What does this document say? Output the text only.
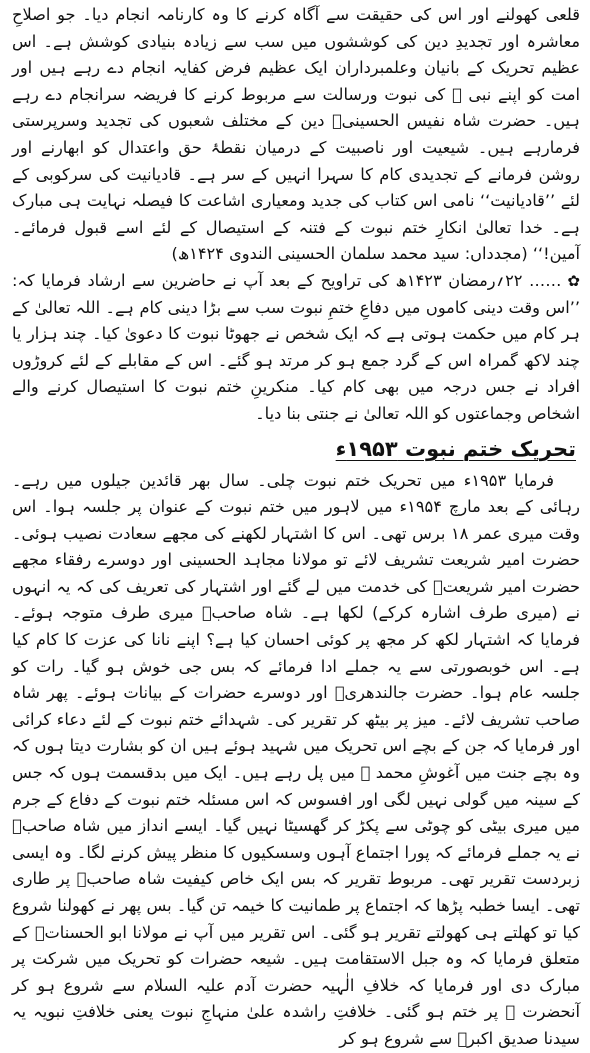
قلعی کھولنے اور اس کی حقیقت سے آگاہ کرنے کا وہ کارنامہ انجام دیا۔ جو اصلاحِ معاشرہ اور تجدیدِ دین کی کوششوں میں سب سے زیادہ بنیادی کوشش ہے۔ اس عظیم تحریک کے بانیان وعلمبرداران ایک عظیم فرض کفایہ انجام دے رہے ہیں اور امت کو اپنے نبی ﷺ کی نبوت ورسالت سے مربوط کرنے کا فریضہ سرانجام دے رہے ہیں۔ حضرت شاہ نفیس الحسینیؒ دین کے مختلف شعبوں کی تجدید وسرپرستی فرمارہے ہیں۔ شیعیت اور ناصبیت کے درمیان نقطۂ حق واعتدال کو ابھارنے اور روشن فرمانے کے تجدیدی کام کا سہرا انہیں کے سر ہے۔ قادیانیت کی سرکوبی کے لئے ’’قادیانیت‘‘ نامی اس کتاب کی جدید ومعیاری اشاعت کا فیصلہ نہایت ہی مبارک ہے۔ خدا تعالیٰ انکارِ ختم نبوت کے فتنہ کے استیصال کے لئے اسے قبول فرمائے۔ آمین!‘‘ (مجدداں: سید محمد سلمان الحسینی الندوی ۱۴۲۴ھ)

✿…… ۲۲؍رمضان ۱۴۲۳ھ کی تراویح کے بعد آپ نے حاضرین سے ارشاد فرمایا کہ: ’’اس وقت دینی کاموں میں دفاعِ ختمِ نبوت سب سے بڑا دینی کام ہے۔ اللہ تعالیٰ کے ہر کام میں حکمت ہوتی ہے کہ ایک شخص نے جھوٹا نبوت کا دعویٰ کیا۔ چند ہزار یا چند لاکھ گمراہ اس کے گرد جمع ہو کر مرتد ہو گئے۔ اس کے مقابلے کے لئے کروڑوں افراد نے جس درجہ میں بھی کام کیا۔ منکرینِ ختم نبوت کا استیصال کرنے والے اشخاص وجماعتوں کو اللہ تعالیٰ نے جنتی بنا دیا۔

تحریک ختم نبوت ۱۹۵۳ء

فرمایا ۱۹۵۳ء میں تحریک ختم نبوت چلی۔ سال بھر قائدین جیلوں میں رہے۔ رہائی کے بعد مارچ ۱۹۵۴ء میں لاہور میں ختم نبوت کے عنوان پر جلسہ ہوا۔ اس وقت میری عمر ۱۸ برس تھی۔ اس کا اشتہار لکھنے کی مجھے سعادت نصیب ہوئی۔ حضرت امیر شریعت تشریف لائے تو مولانا مجاہد الحسینی اور دوسرے رفقاء مجھے حضرت امیر شریعتؒ کی خدمت میں لے گئے اور اشتہار کی تعریف کی کہ یہ انہوں نے (میری طرف اشارہ کرکے) لکھا ہے۔ شاہ صاحبؒ میری طرف متوجہ ہوئے۔ فرمایا کہ اشتہار لکھ کر مجھ پر کوئی احسان کیا ہے؟ اپنے نانا کی عزت کا کام کیا ہے۔ اس خوبصورتی سے یہ جملے ادا فرمائے کہ بس جی خوش ہو گیا۔ رات کو جلسہ عام ہوا۔ حضرت جالندھریؒ اور دوسرے حضرات کے بیانات ہوئے۔ پھر شاہ صاحب تشریف لائے۔ میز پر بیٹھ کر تقریر کی۔ شہدائے ختم نبوت کے لئے دعاء کرائی اور فرمایا کہ جن کے بچے اس تحریک میں شہید ہوئے ہیں ان کو بشارت دیتا ہوں کہ وہ بچے جنت میں آغوشِ محمد ﷺ میں پل رہے ہیں۔ ایک میں بدقسمت ہوں کہ جس کے سینہ میں گولی نہیں لگی اور افسوس کہ اس مسئلہ ختم نبوت کے دفاع کے جرم میں میری بیٹی کو چوٹی سے پکڑ کر گھسیٹا نہیں گیا۔ ایسے انداز میں شاہ صاحبؒ نے یہ جملے فرمائے کہ پورا اجتماع آہوں وسسکیوں کا منظر پیش کرنے لگا۔ وہ ایسی زبردست تقریر تھی۔ مربوط تقریر کہ بس ایک خاص کیفیت شاہ صاحبؒ پر طاری تھی۔ ایسا خطبہ پڑھا کہ اجتماع پر طمانیت کا خیمہ تن گیا۔ بس پھر نے کھولنا شروع کیا تو کھلتے ہی کھولتے تقریر ہو گئی۔ اس تقریر میں آپ نے مولانا ابو الحسناتؒ کے متعلق فرمایا کہ وہ جبل الاستقامت ہیں۔ شیعہ حضرات کو تحریک میں شرکت پر مبارک دی اور فرمایا کہ خلافِ الٰہیہ حضرت آدم علیہ السلام سے شروع ہو کر آنحضرت ﷺ پر ختم ہو گئی۔ خلافتِ راشدہ علیٰ منہاجِ نبوت یعنی خلافتِ نبویہ یہ سیدنا صدیق اکبرؓ سے شروع ہو کر
